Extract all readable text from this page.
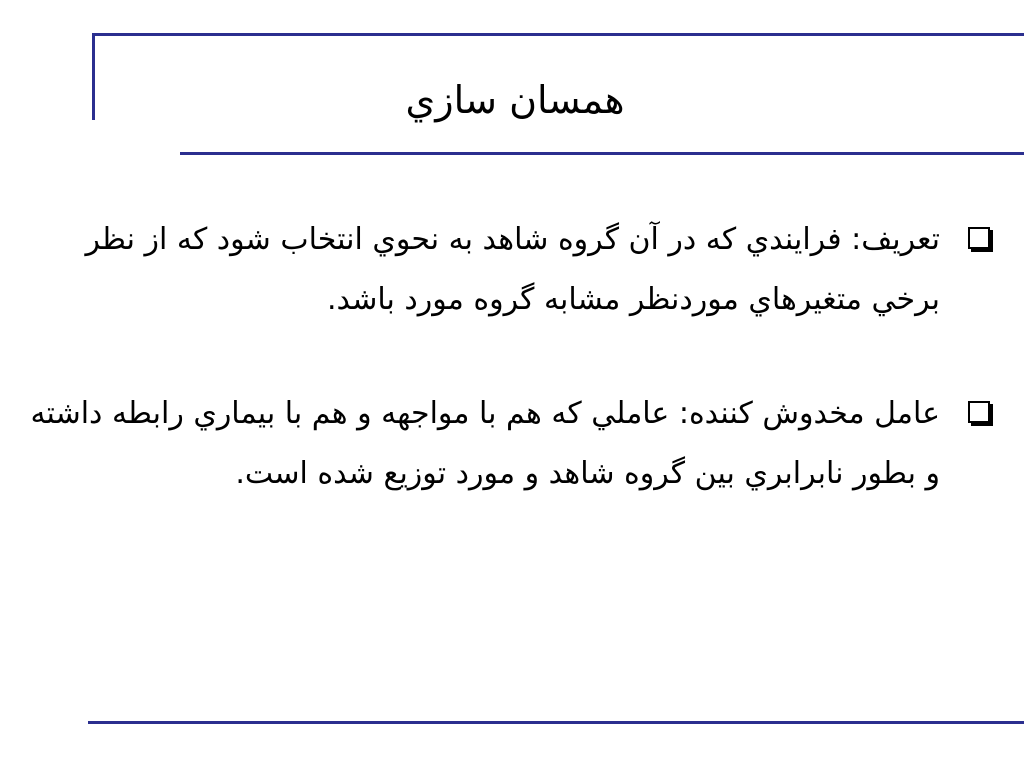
همسان سازي
تعريف: فرايندي كه در آن گروه شاهد به نحوي انتخاب شود كه از نظر برخي متغيرهاي موردنظر مشابه گروه مورد باشد.
عامل مخدوش كننده: عاملي كه هم با مواجهه و هم با بيماري رابطه داشته و بطور نابرابري بين گروه شاهد و مورد توزيع شده است.
